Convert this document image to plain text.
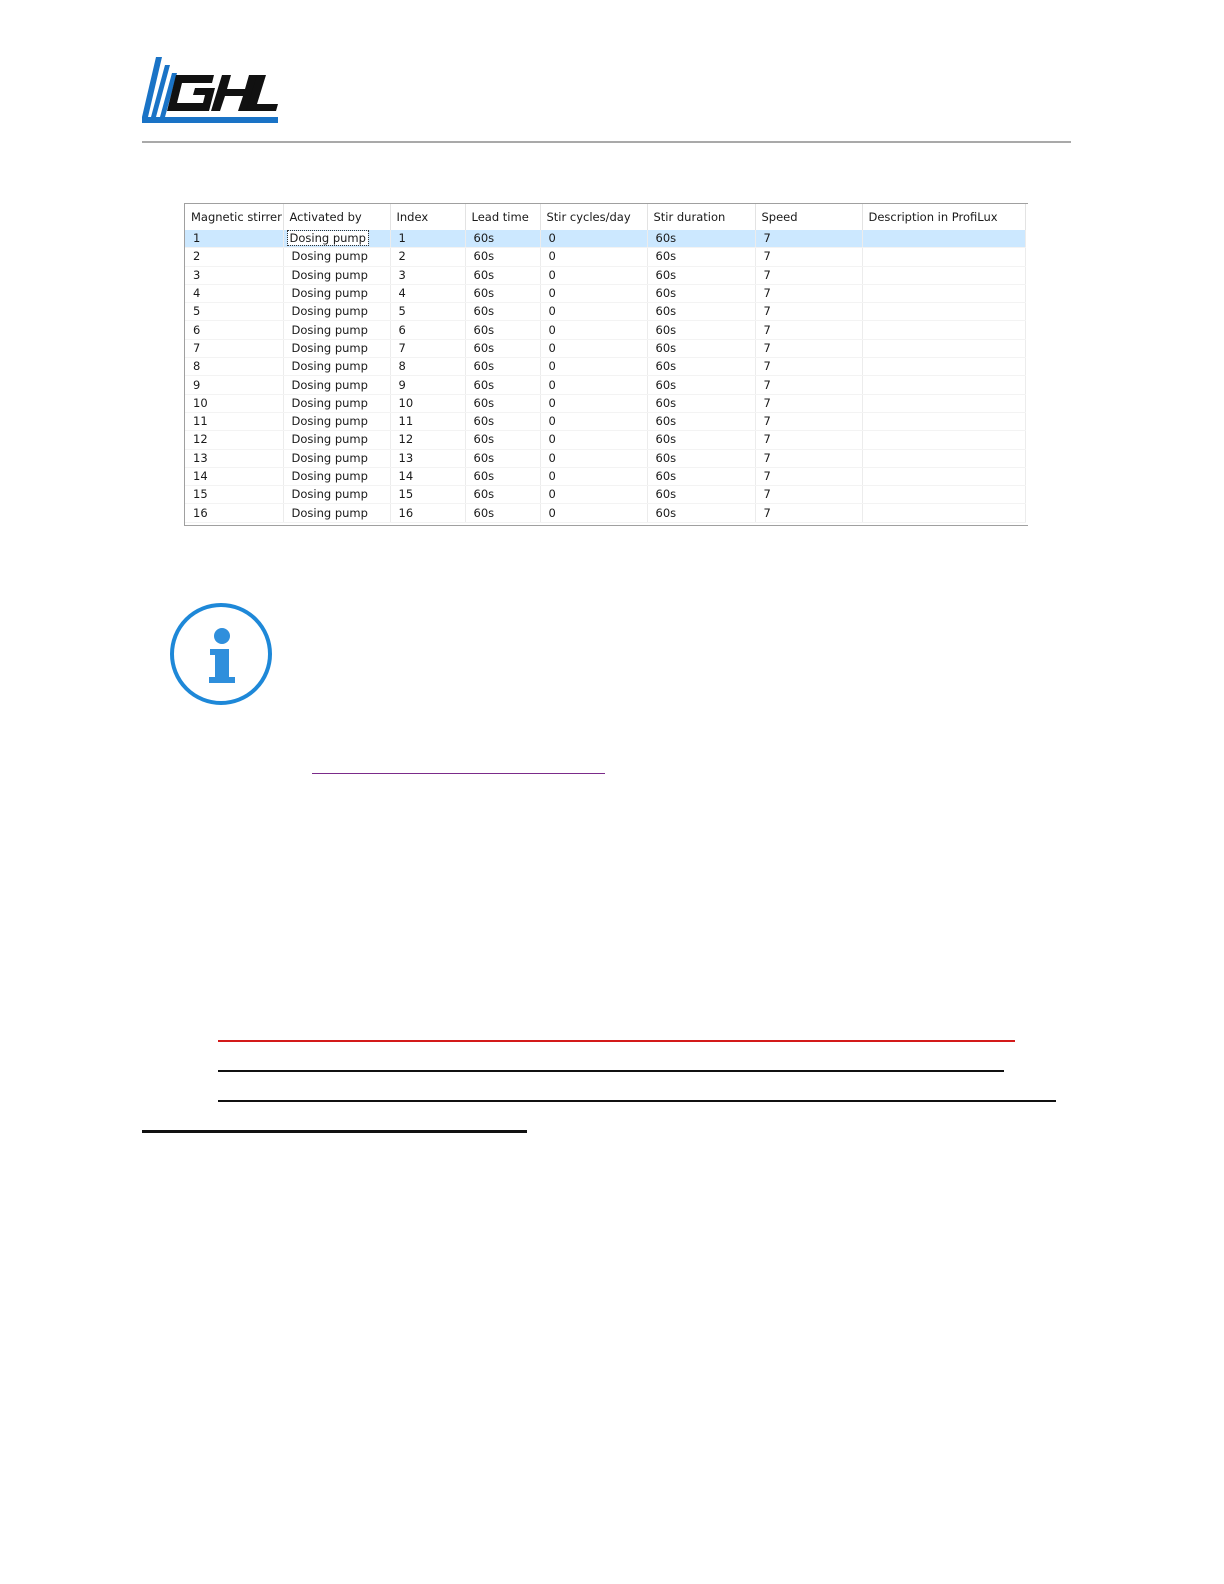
Magnetic stirrer	Activated by	Index	Lead time	Stir cycles/day	Stir duration	Speed	Description in ProfiLux
1	Dosing pump	1	60s	0	60s	7	
2	Dosing pump	2	60s	0	60s	7	
3	Dosing pump	3	60s	0	60s	7	
4	Dosing pump	4	60s	0	60s	7	
5	Dosing pump	5	60s	0	60s	7	
6	Dosing pump	6	60s	0	60s	7	
7	Dosing pump	7	60s	0	60s	7	
8	Dosing pump	8	60s	0	60s	7	
9	Dosing pump	9	60s	0	60s	7	
10	Dosing pump	10	60s	0	60s	7	
11	Dosing pump	11	60s	0	60s	7	
12	Dosing pump	12	60s	0	60s	7	
13	Dosing pump	13	60s	0	60s	7	
14	Dosing pump	14	60s	0	60s	7	
15	Dosing pump	15	60s	0	60s	7	
16	Dosing pump	16	60s	0	60s	7	
